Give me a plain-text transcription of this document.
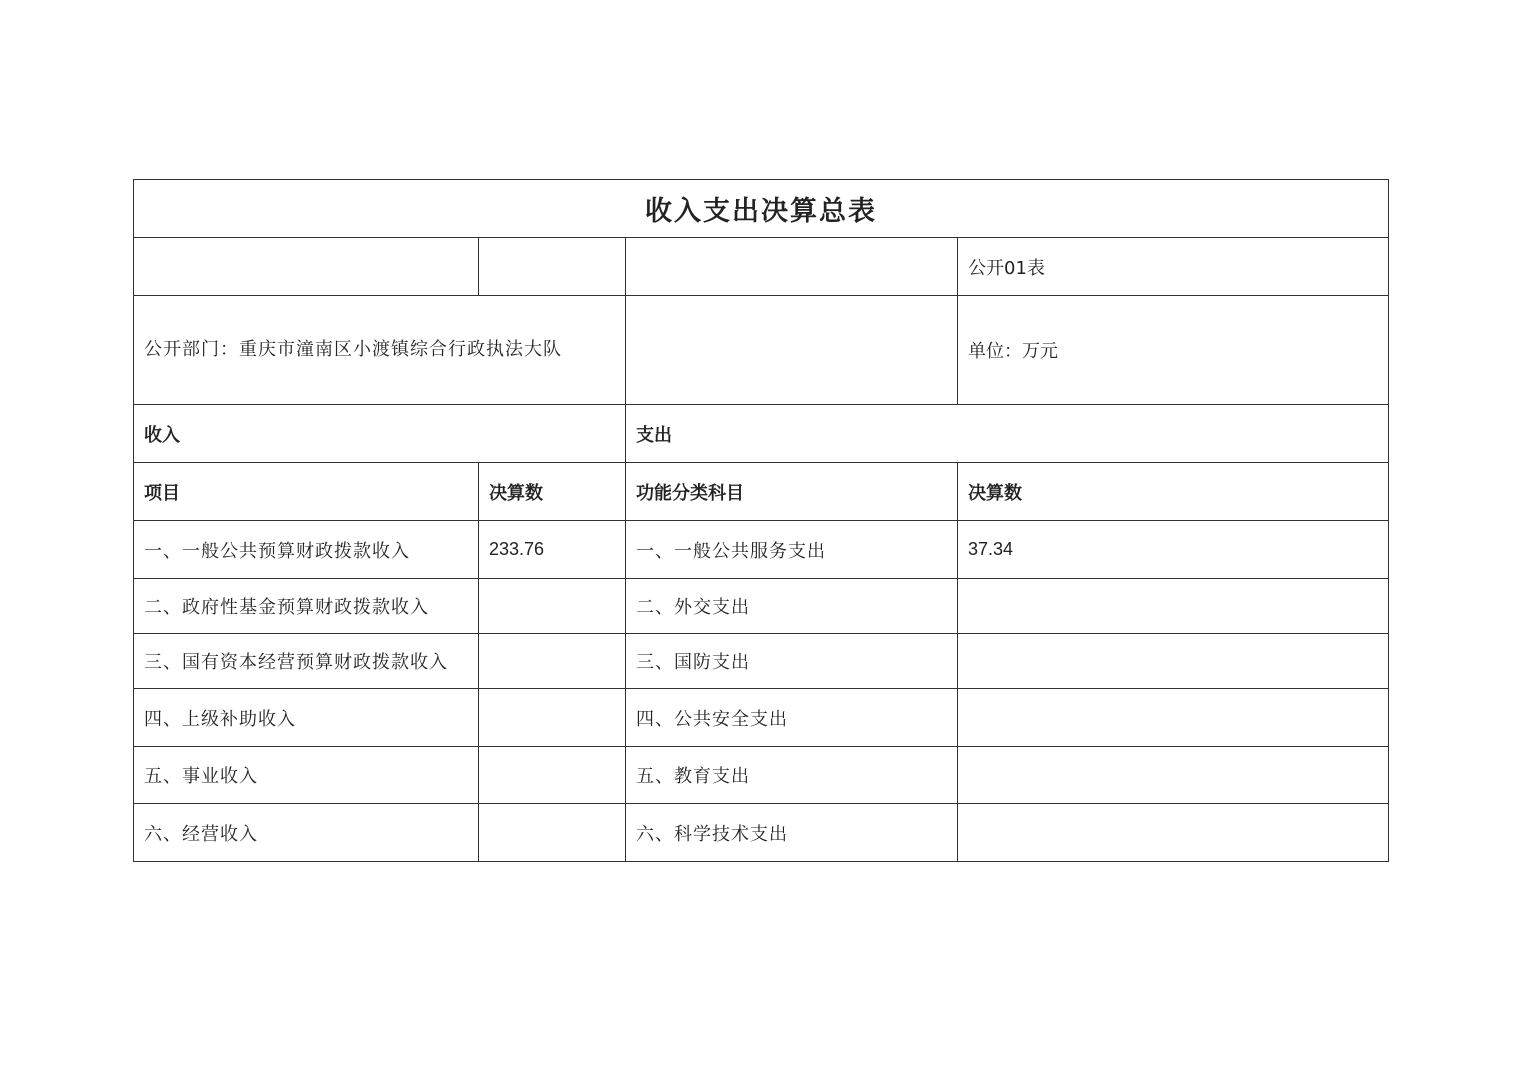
收入支出决算总表			
			公开01表
公开部门：重庆市潼南区小渡镇综合行政执法大队			单位：万元
收入		支出	
项目	决算数	功能分类科目	决算数
一、一般公共预算财政拨款收入	233.76	一、一般公共服务支出	37.34
二、政府性基金预算财政拨款收入		二、外交支出	
三、国有资本经营预算财政拨款收入		三、国防支出	
四、上级补助收入		四、公共安全支出	
五、事业收入		五、教育支出	
六、经营收入		六、科学技术支出	
